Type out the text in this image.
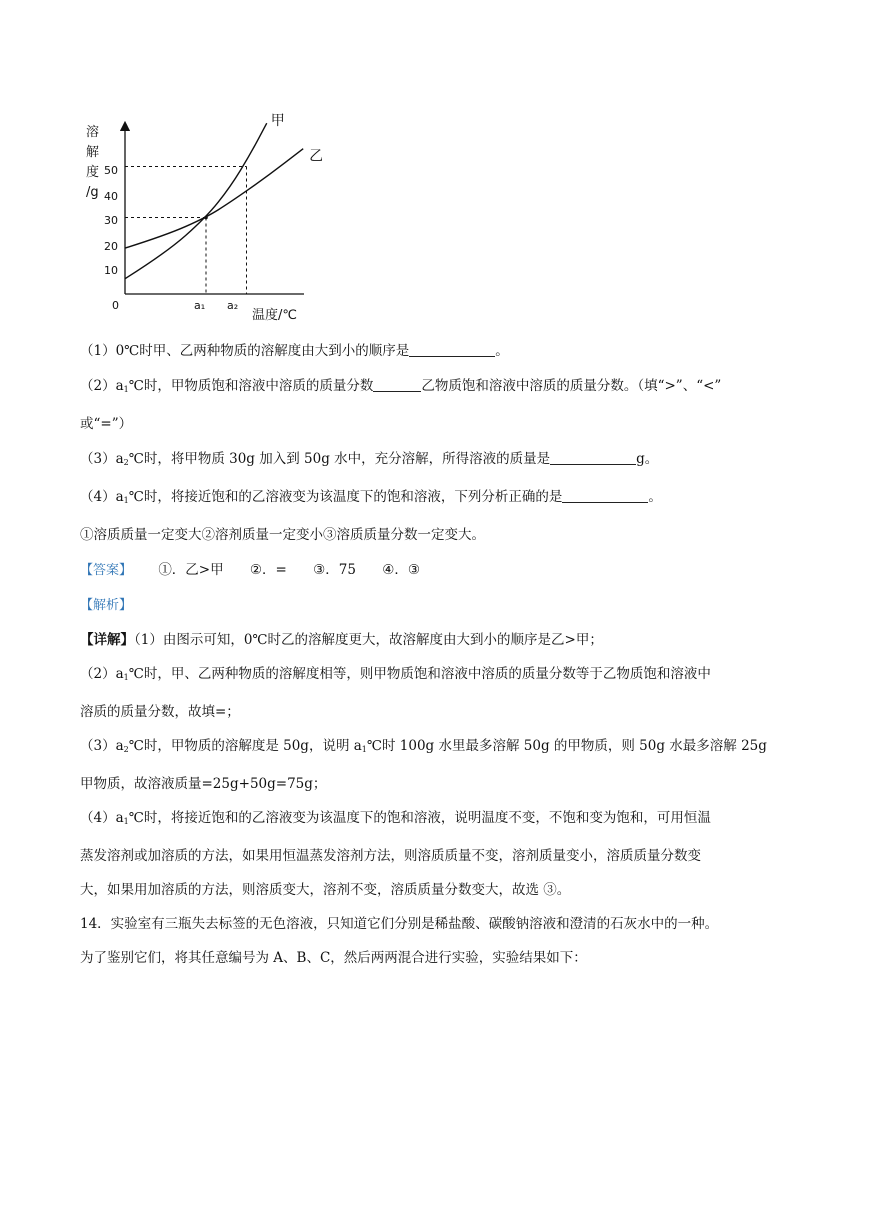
溶
解
度
/g
10
20
30
40
50
0	a₁ a₂
温度/℃
甲
乙
（1）0℃时甲、乙两种物质的溶解度由大到小的顺序是	。
$(2)a_1℃$时，甲物质饱和溶液中溶质的质量分数	乙物质饱和溶液中溶质的质量分数。（填“>”、“<”
或“=”）
$(3)a_2℃$时，将甲物质 30g 加入到 50g 水中，充分溶解，所得溶液的质量是	g。
$(4)a_1℃$时，将接近饱和的乙溶液变为该温度下的饱和溶液，下列分析正确的是	。
①溶质质量一定变大②溶剂质量一定变小③溶质质量分数一定变大。
【答案】 ①．乙>甲 ②．= ③．75 ④．③
【解析】
【详解】（1）由图示可知，0℃时乙的溶解度更大，故溶解度由大到小的顺序是乙>甲；
$(2)a_1℃$时，甲、乙两种物质的溶解度相等，则甲物质饱和溶液中溶质的质量分数等于乙物质饱和溶液中
溶质的质量分数，故填=；
$(3)a_2℃$时，甲物质的溶解度是 50g，说明 $a_1℃$时 100g 水里最多溶解 50g 的甲物质，则 50g 水最多溶解 25g
甲物质，故溶液质量=25g+50g=75g；
$(4)a_1℃$时，将接近饱和的乙溶液变为该温度下的饱和溶液，说明温度不变，不饱和变为饱和，可用恒温
蒸发溶剂或加溶质的方法，如果用恒温蒸发溶剂方法，则溶质质量不变，溶剂质量变小，溶质质量分数变
大，如果用加溶质的方法，则溶质变大，溶剂不变，溶质质量分数变大，故选 ③。
14．实验室有三瓶失去标签的无色溶液，只知道它们分别是稀盐酸、碳酸钠溶液和澄清的石灰水中的一种。
为了鉴别它们，将其任意编号为 A、B、C，然后两两混合进行实验，实验结果如下：
